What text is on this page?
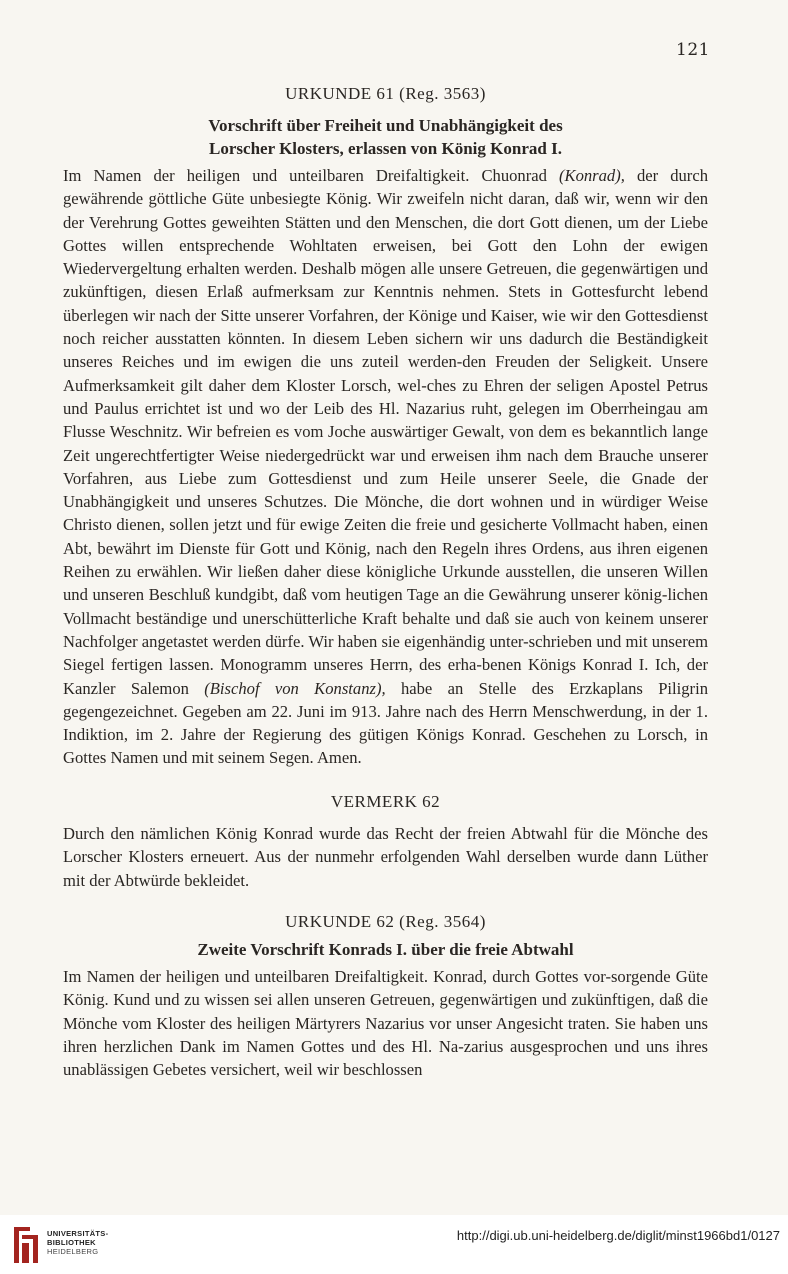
121
URKUNDE 61 (Reg. 3563)
Vorschrift über Freiheit und Unabhängigkeit des
Lorscher Klosters, erlassen von König Konrad I.

Im Namen der heiligen und unteilbaren Dreifaltigkeit. Chuonrad (Konrad), der durch gewährende göttliche Güte unbesiegte König. Wir zweifeln nicht daran, daß wir, wenn wir den der Verehrung Gottes geweihten Stätten und den Menschen, die dort Gott dienen, um der Liebe Gottes willen entsprechende Wohltaten erweisen, bei Gott den Lohn der ewigen Wiedervergeltung erhalten werden. Deshalb mögen alle unsere Getreuen, die gegenwärtigen und zukünftigen, diesen Erlaß aufmerksam zur Kenntnis nehmen. Stets in Gottesfurcht lebend überlegen wir nach der Sitte unserer Vorfahren, der Könige und Kaiser, wie wir den Gottesdienst noch reicher ausstatten könnten. In diesem Leben sichern wir uns dadurch die Beständigkeit unseres Reiches und im ewigen die uns zuteil werden-den Freuden der Seligkeit. Unsere Aufmerksamkeit gilt daher dem Kloster Lorsch, wel-ches zu Ehren der seligen Apostel Petrus und Paulus errichtet ist und wo der Leib des Hl. Nazarius ruht, gelegen im Oberrheingau am Flusse Weschnitz. Wir befreien es vom Joche auswärtiger Gewalt, von dem es bekanntlich lange Zeit ungerechtfertigter Weise niedergedrückt war und erweisen ihm nach dem Brauche unserer Vorfahren, aus Liebe zum Gottesdienst und zum Heile unserer Seele, die Gnade der Unabhängigkeit und unseres Schutzes. Die Mönche, die dort wohnen und in würdiger Weise Christo dienen, sollen jetzt und für ewige Zeiten die freie und gesicherte Vollmacht haben, einen Abt, bewährt im Dienste für Gott und König, nach den Regeln ihres Ordens, aus ihren eigenen Reihen zu erwählen. Wir ließen daher diese königliche Urkunde ausstellen, die unseren Willen und unseren Beschluß kundgibt, daß vom heutigen Tage an die Gewährung unserer könig-lichen Vollmacht beständige und unerschütterliche Kraft behalte und daß sie auch von keinem unserer Nachfolger angetastet werden dürfe. Wir haben sie eigenhändig unter-schrieben und mit unserem Siegel fertigen lassen. Monogramm unseres Herrn, des erha-benen Königs Konrad I. Ich, der Kanzler Salemon (Bischof von Konstanz), habe an Stelle des Erzkaplans Piligrin gegengezeichnet. Gegeben am 22. Juni im 913. Jahre nach des Herrn Menschwerdung, in der 1. Indiktion, im 2. Jahre der Regierung des gütigen Königs Konrad. Geschehen zu Lorsch, in Gottes Namen und mit seinem Segen. Amen.

VERMERK 62

Durch den nämlichen König Konrad wurde das Recht der freien Abtwahl für die Mönche des Lorscher Klosters erneuert. Aus der nunmehr erfolgenden Wahl derselben wurde dann Lüther mit der Abtwürde bekleidet.

URKUNDE 62 (Reg. 3564)
Zweite Vorschrift Konrads I. über die freie Abtwahl

Im Namen der heiligen und unteilbaren Dreifaltigkeit. Konrad, durch Gottes vor-sorgende Güte König. Kund und zu wissen sei allen unseren Getreuen, gegenwärtigen und zukünftigen, daß die Mönche vom Kloster des heiligen Märtyrers Nazarius vor unser Angesicht traten. Sie haben uns ihren herzlichen Dank im Namen Gottes und des Hl. Na-zarius ausgesprochen und uns ihres unablässigen Gebetes versichert, weil wir beschlossen

UNIVERSITÄTS-
BIBLIOTHEK
HEIDELBERG
http://digi.ub.uni-heidelberg.de/diglit/minst1966bd1/0127
